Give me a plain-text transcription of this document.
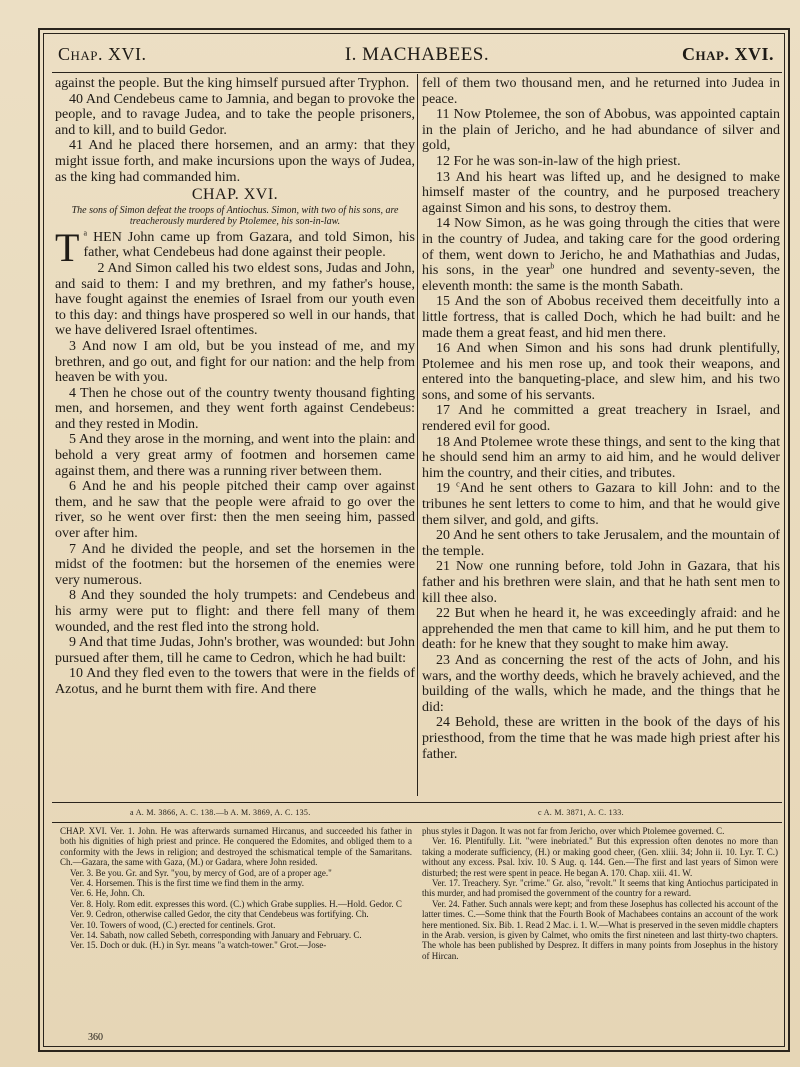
Chap. XVI.	I. MACHABEES.	Chap. XVI.

against the people. But the king himself pursued after Tryphon.

40 And Cendebeus came to Jamnia, and began to provoke the people, and to ravage Judea, and to take the people prisoners, and to kill, and to build Gedor.

41 And he placed there horsemen, and an army: that they might issue forth, and make incursions upon the ways of Judea, as the king had commanded him.

CHAP. XVI.
The sons of Simon defeat the troops of Antiochus. Simon, with two of his sons, are treacherously murdered by Ptolemee, his son-in-law.

T $^a$ HEN John came up from Gazara, and told Simon, his father, what Cendebeus had done against their people.

2 And Simon called his two eldest sons, Judas and John, and said to them: I and my brethren, and my father's house, have fought against the enemies of Israel from our youth even to this day: and things have prospered so well in our hands, that we have delivered Israel oftentimes.

3 And now I am old, but be you instead of me, and my brethren, and go out, and fight for our nation: and the help from heaven be with you.

4 Then he chose out of the country twenty thousand fighting men, and horsemen, and they went forth against Cendebeus: and they rested in Modin.

5 And they arose in the morning, and went into the plain: and behold a very great army of footmen and horsemen came against them, and there was a running river between them.

6 And he and his people pitched their camp over against them, and he saw that the people were afraid to go over the river, so he went over first: then the men seeing him, passed over after him.

7 And he divided the people, and set the horsemen in the midst of the footmen: but the horsemen of the enemies were very numerous.

8 And they sounded the holy trumpets: and Cendebeus and his army were put to flight: and there fell many of them wounded, and the rest fled into the strong hold.

9 And that time Judas, John's brother, was wounded: but John pursued after them, till he came to Cedron, which he had built:

10 And they fled even to the towers that were in the fields of Azotus, and he burnt them with fire. And there

fell of them two thousand men, and he returned into Judea in peace.

11 Now Ptolemee, the son of Abobus, was appointed captain in the plain of Jericho, and he had abundance of silver and gold,

12 For he was son-in-law of the high priest.

13 And his heart was lifted up, and he designed to make himself master of the country, and he purposed treachery against Simon and his sons, to destroy them.

14 Now Simon, as he was going through the cities that were in the country of Judea, and taking care for the good ordering of them, went down to Jericho, he and Mathathias and Judas, his sons, in the year$^b$ one hundred and seventy-seven, the eleventh month: the same is the month Sabath.

15 And the son of Abobus received them deceitfully into a little fortress, that is called Doch, which he had built: and he made them a great feast, and hid men there.

16 And when Simon and his sons had drunk plentifully, Ptolemee and his men rose up, and took their weapons, and entered into the banqueting-place, and slew him, and his two sons, and some of his servants.

17 And he committed a great treachery in Israel, and rendered evil for good.

18 And Ptolemee wrote these things, and sent to the king that he should send him an army to aid him, and he would deliver him the country, and their cities, and tributes.

19 $^c$And he sent others to Gazara to kill John: and to the tribunes he sent letters to come to him, and that he would give them silver, and gold, and gifts.

20 And he sent others to take Jerusalem, and the mountain of the temple.

21 Now one running before, told John in Gazara, that his father and his brethren were slain, and that he hath sent men to kill thee also.

22 But when he heard it, he was exceedingly afraid: and he apprehended the men that came to kill him, and he put them to death: for he knew that they sought to make him away.

23 And as concerning the rest of the acts of John, and his wars, and the worthy deeds, which he bravely achieved, and the building of the walls, which he made, and the things that he did:

24 Behold, these are written in the book of the days of his priesthood, from the time that he was made high priest after his father.

a A. M. 3866, A. C. 138.—b A. M. 3869, A. C. 135.	c A. M. 3871, A. C. 133.

CHAP. XVI. Ver. 1. John. He was afterwards surnamed Hircanus, and succeeded his father in both his dignities of high priest and prince. He conquered the Edomites, and obliged them to a conformity with the Jews in religion; and destroyed the schismatical temple of the Samaritans. Ch.—Gazara, the same with Gaza, (M.) or Gadara, where John resided.

Ver. 3. Be you. Gr. and Syr. "you, by mercy of God, are of a proper age."

Ver. 4. Horsemen. This is the first time we find them in the army.

Ver. 6. He, John. Ch.

Ver. 8. Holy. Rom edit. expresses this word. (C.) which Grabe supplies. H.—Hold. Gedor. C

Ver. 9. Cedron, otherwise called Gedor, the city that Cendebeus was fortifying. Ch.

Ver. 10. Towers of wood, (C.) erected for centinels. Grot.

Ver. 14. Sabath, now called Sebeth, corresponding with January and February. C.

Ver. 15. Doch or duk. (H.) in Syr. means "a watch-tower." Grot.—Jose-

phus styles it Dagon. It was not far from Jericho, over which Ptolemee governed. C.

Ver. 16. Plentifully. Lit. "were inebriated." But this expression often denotes no more than taking a moderate sufficiency, (H.) or making good cheer, (Gen. xliii. 34; John ii. 10. Lyr. T. C.) without any excess. Psal. lxiv. 10. S Aug. q. 144. Gen.—The first and last years of Simon were disturbed; the rest were spent in peace. He began A. 170. Chap. xiii. 41. W.

Ver. 17. Treachery. Syr. "crime." Gr. also, "revolt." It seems that king Antiochus participated in this murder, and had promised the government of the country for a reward.

Ver. 24. Father. Such annals were kept; and from these Josephus has collected his account of the latter times. C.—Some think that the Fourth Book of Machabees contains an account of the work here mentioned. Six. Bib. 1. Read 2 Mac. i. 1. W.—What is preserved in the seven middle chapters in the Arab. version, is given by Calmet, who omits the first nineteen and last thirty-two chapters. The whole has been published by Desprez. It differs in many points from Josephus in the history of Hircan.

360
